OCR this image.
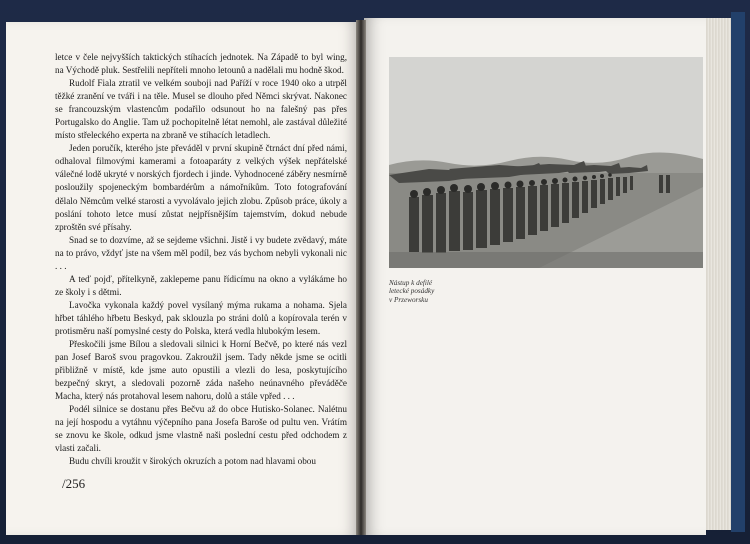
letce v čele nejvyšších taktických stíhacích jednotek. Na Západě to byl wing, na Východě pluk. Sestřelili nepříteli mnoho letounů a nadělali mu hodně škod.

Rudolf Fiala ztratil ve velkém souboji nad Paříží v roce 1940 oko a utrpěl těžké zranění ve tváři i na těle. Musel se dlouho před Němci skrývat. Nakonec se francouzským vlastencům podařilo odsunout ho na falešný pas přes Portugalsko do Anglie. Tam už pochopitelně létat nemohl, ale zastával důležité místo střeleckého experta na zbraně ve stíhacích letadlech.

Jeden poručík, kterého jste převáděl v první skupině čtrnáct dní před námi, odhaloval filmovými kamerami a fotoaparáty z velkých výšek nepřátelské válečné lodě ukryté v norských fjordech i jinde. Vyhodnocené záběry nesmírně posloužily spojeneckým bombardérům a námořníkům. Toto fotografování dělalo Němcům velké starosti a vyvolávalo jejich zlobu. Způsob práce, úkoly a poslání tohoto letce musí zůstat nejpřísnějším tajemstvím, dokud nebude zproštěn své přísahy.

Snad se to dozvíme, až se sejdeme všichni. Jistě i vy budete zvědavý, máte na to právo, vždyť jste na všem měl podíl, bez vás bychom nebyli vykonali nic . . .

A teď pojď, přítelkyně, zaklepeme panu řídicímu na okno a vylákáme ho ze školy i s dětmi.

Lavočka vykonala každý povel vysílaný mýma rukama a nohama. Sjela hřbet táhlého hřbetu Beskyd, pak sklouzla po stráni dolů a kopírovala terén v protisměru naší pomyslné cesty do Polska, která vedla hlubokým lesem.

Přeskočili jsme Bílou a sledovali silnici k Horní Bečvě, po které nás vezl pan Josef Baroš svou pragovkou. Zakroužil jsem. Tady někde jsme se ocitli přibližně v místě, kde jsme auto opustili a vlezli do lesa, poskytujícího bezpečný skryt, a sledovali pozorně záda našeho neúnavného převáděče Macha, který nás protahoval lesem nahoru, dolů a stále vpřed . . .

Podél silnice se dostanu přes Bečvu až do obce Hutisko-Solanec. Nalétnu na její hospodu a vytáhnu výčepního pana Josefa Baroše od pultu ven. Vrátím se znovu ke škole, odkud jsme vlastně naši poslední cestu před odchodem z vlasti začali.

Budu chvíli kroužit v širokých okruzích a potom nad hlavami obou

/256
Nástup k defilé
letecké posádky
v Przeworsku
